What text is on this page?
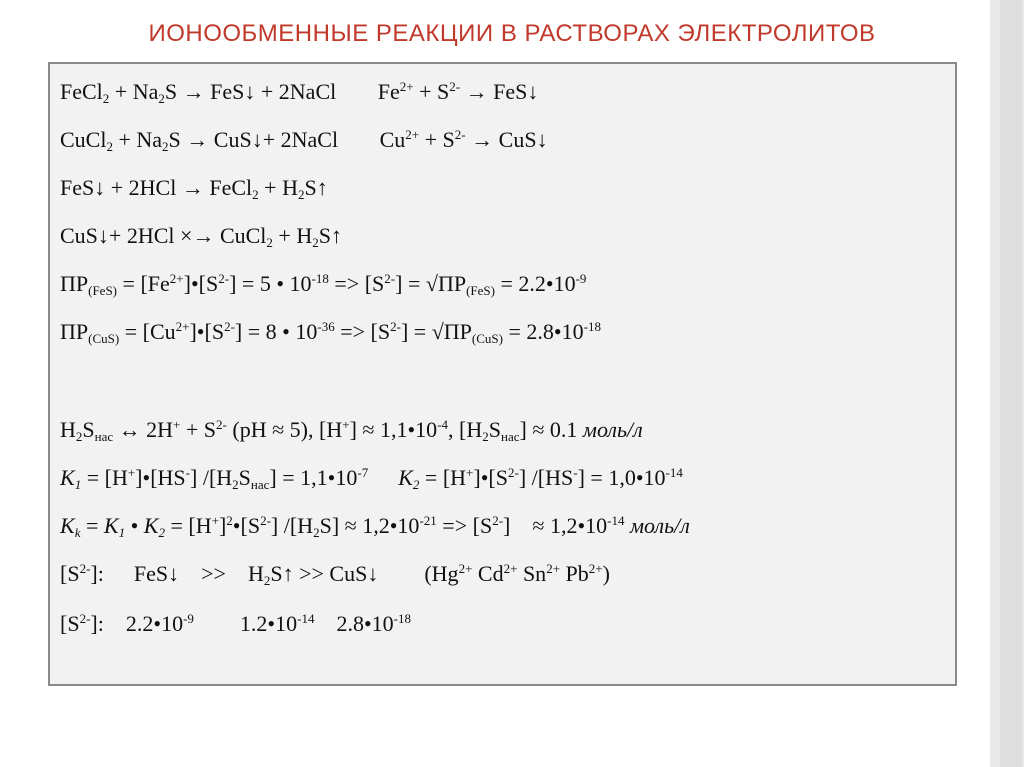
ИОНООБМЕННЫЕ РЕАКЦИИ В РАСТВОРАХ ЭЛЕКТРОЛИТОВ
FeCl$_2$ + $Na_2S$ → FeS↓ + 2NaCl $Fe^{2+} + S^{2-}$ → FeS↓
CuCl$_2$ + $Na_2S$ → CuS↓+ 2NaCl $Cu^{2+} + S^{2-}$ → CuS↓
FeS↓ + 2HCl → FeCl$_2$ + $H_2S↑$
CuS↓+ 2HCl ×→ CuCl$_2$ + $H_2S↑$
$ПР_{(FeS)}$ = $[Fe^{2+}]•[S^{2-}] = 5$ • $10^{-18} => [S^{2-}] = √ПР_{(FeS)}$ = $2.2•10^{-9}$
$ПР_{(CuS)}$ = $[Cu^{2+}]•[S^{2-}] = 8$ • $10^{-36} => [S^{2-}] = √ПР_{(CuS)}$ = $2.8•10^{-18}$
$H_2S_{нас}$ ↔ $2H^+ + S^{2-}$ (pH ≈ 5), $[H^+] \approx 1,1•10^{-4}$, $[H_2S_{нас}] \approx 0.1$ моль/л
$K_1$ = [H+]•[HS-] $/[H_2S_{нас}]$ = $1,1•10^{-7}$ $K_2$ = $[H^+]•[S^{2-}] /[HS^-]$ = $1,0•10^{-14}$
$K_k = K_1$ • $K_2$ = $[H^+]^2•[S^{2-}] /[H_2S]$ ≈ $1,2•10^{-21} => [S^{2-}]$ ≈ $1,2•10^{-14}$ моль/л
$[S^{2-}]$: FeS↓ >> $H_2S↑$ >> CuS↓ ($Hg^{2+}$ $Cd^{2+}$ $Sn^{2+}$ $Pb^{2+}$)
$[S^{2-}]$: $2.2•10^{-9}$ $1.2•10^{-14}$ $2.8•10^{-18}$
